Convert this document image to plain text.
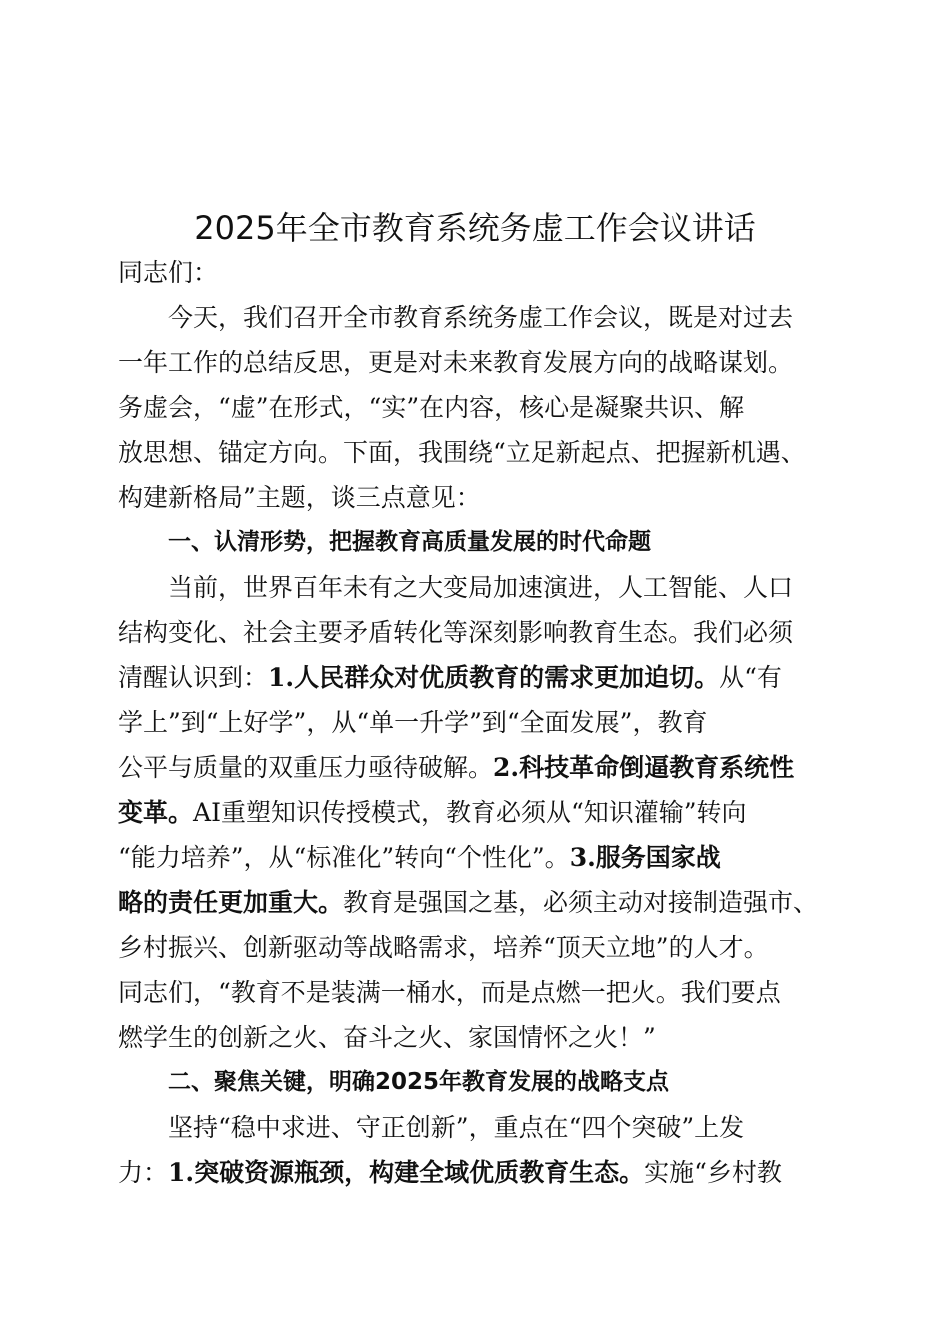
2025年全市教育系统务虚工作会议讲话
同志们：
今天，我们召开全市教育系统务虚工作会议，既是对过去
一年工作的总结反思，更是对未来教育发展方向的战略谋划。
务虚会，“虚”在形式，“实”在内容，核心是凝聚共识、解
放思想、锚定方向。下面，我围绕“立足新起点、把握新机遇、
构建新格局”主题，谈三点意见：
一、认清形势，把握教育高质量发展的时代命题
当前，世界百年未有之大变局加速演进，人工智能、人口
结构变化、社会主要矛盾转化等深刻影响教育生态。我们必须
清醒认识到：1.人民群众对优质教育的需求更加迫切。从“有
学上”到“上好学”，从“单一升学”到“全面发展”，教育
公平与质量的双重压力亟待破解。2.科技革命倒逼教育系统性
变革。AI重塑知识传授模式，教育必须从“知识灌输”转向
“能力培养”，从“标准化”转向“个性化”。3.服务国家战
略的责任更加重大。教育是强国之基，必须主动对接制造强市、
乡村振兴、创新驱动等战略需求，培养“顶天立地”的人才。
同志们，“教育不是装满一桶水，而是点燃一把火。我们要点
燃学生的创新之火、奋斗之火、家国情怀之火！”
二、聚焦关键，明确2025年教育发展的战略支点
坚持“稳中求进、守正创新”，重点在“四个突破”上发
力：1.突破资源瓶颈，构建全域优质教育生态。实施“乡村教
